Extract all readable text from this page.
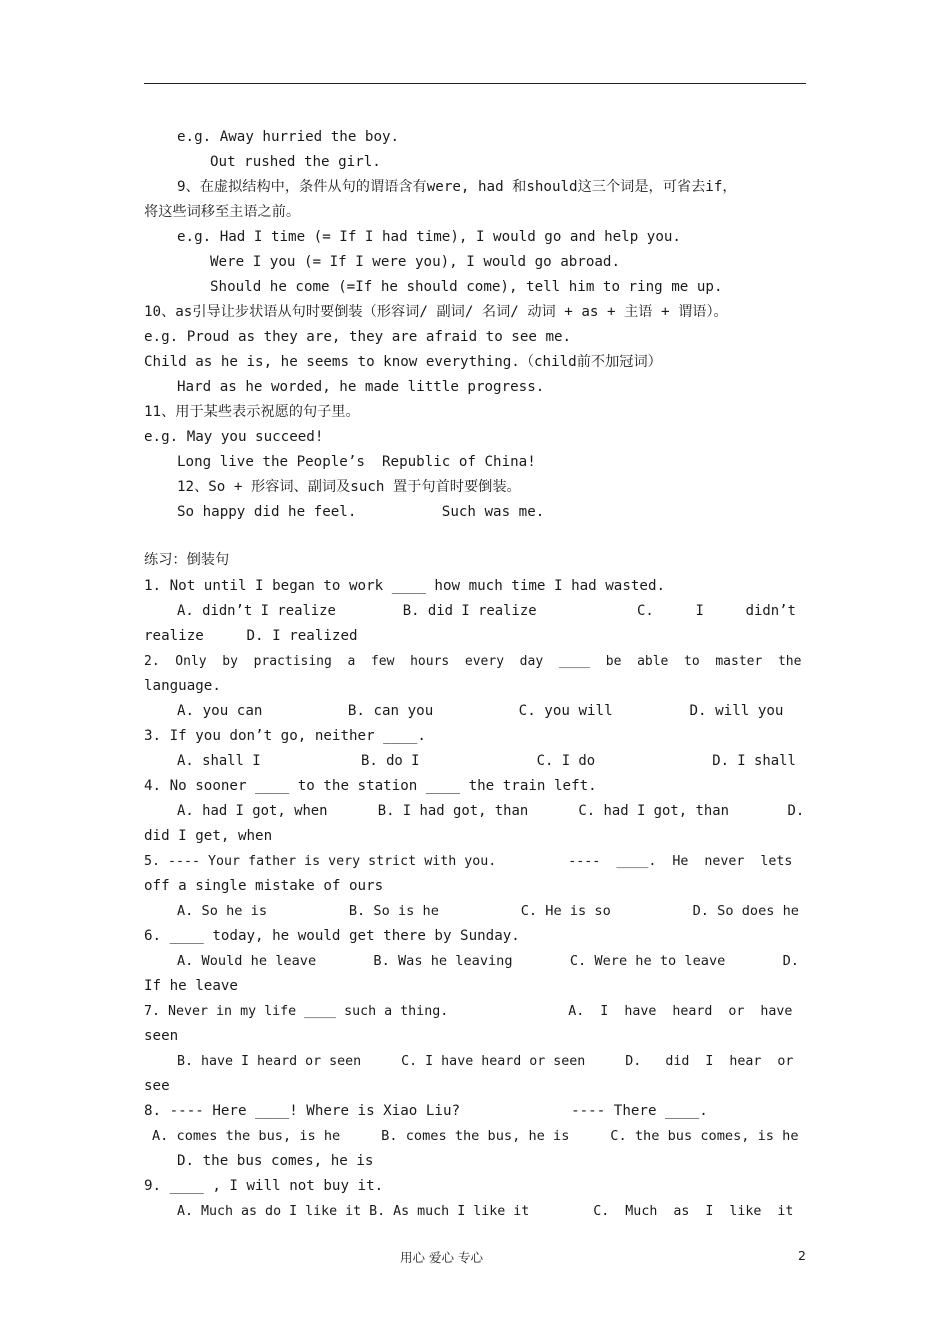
e.g. Away hurried the boy.
Out rushed the girl.
9、在虚拟结构中，条件从句的谓语含有were, had 和should这三个词是，可省去if，
将这些词移至主语之前。
e.g. Had I time (= If I had time), I would go and help you.
Were I you (= If I were you), I would go abroad.
Should he come (=If he should come), tell him to ring me up.
10、as引导让步状语从句时要倒装（形容词/ 副词/ 名词/ 动词 + as + 主语 + 谓语）。
e.g. Proud as they are, they are afraid to see me.
Child as he is, he seems to know everything.（child前不加冠词）
Hard as he worded, he made little progress.
11、用于某些表示祝愿的句子里。
e.g. May you succeed!
Long live the People’s  Republic of China!
12、So + 形容词、副词及such 置于句首时要倒装。
So happy did he feel.          Such was me.
练习：倒装句
1. Not until I began to work ____ how much time I had wasted.
A. didn’t I realize        B. did I realize            C.     I     didn’t
realize     D. I realized
2.  Only  by  practising  a  few  hours  every  day  ____  be  able  to  master  the
language.
A. you can          B. can you          C. you will         D. will you
3. If you don’t go, neither ____.
A. shall I            B. do I              C. I do              D. I shall
4. No sooner ____ to the station ____ the train left.
A. had I got, when      B. I had got, than      C. had I got, than       D.
did I get, when
5. ---- Your father is very strict with you.         ----  ____.  He  never  lets
off a single mistake of ours
A. So he is          B. So is he          C. He is so          D. So does he
6. ____ today, he would get there by Sunday.
A. Would he leave       B. Was he leaving       C. Were he to leave       D.
If he leave
7. Never in my life ____ such a thing.               A.  I  have  heard  or  have
seen
B. have I heard or seen     C. I have heard or seen     D.   did  I  hear  or
see
8. ---- Here ____! Where is Xiao Liu?             ---- There ____.
A. comes the bus, is he     B. comes the bus, he is     C. the bus comes, is he
D. the bus comes, he is
9. ____ , I will not buy it.
A. Much as do I like it B. As much I like it        C.  Much  as  I  like  it
用心 爱心 专心	2
